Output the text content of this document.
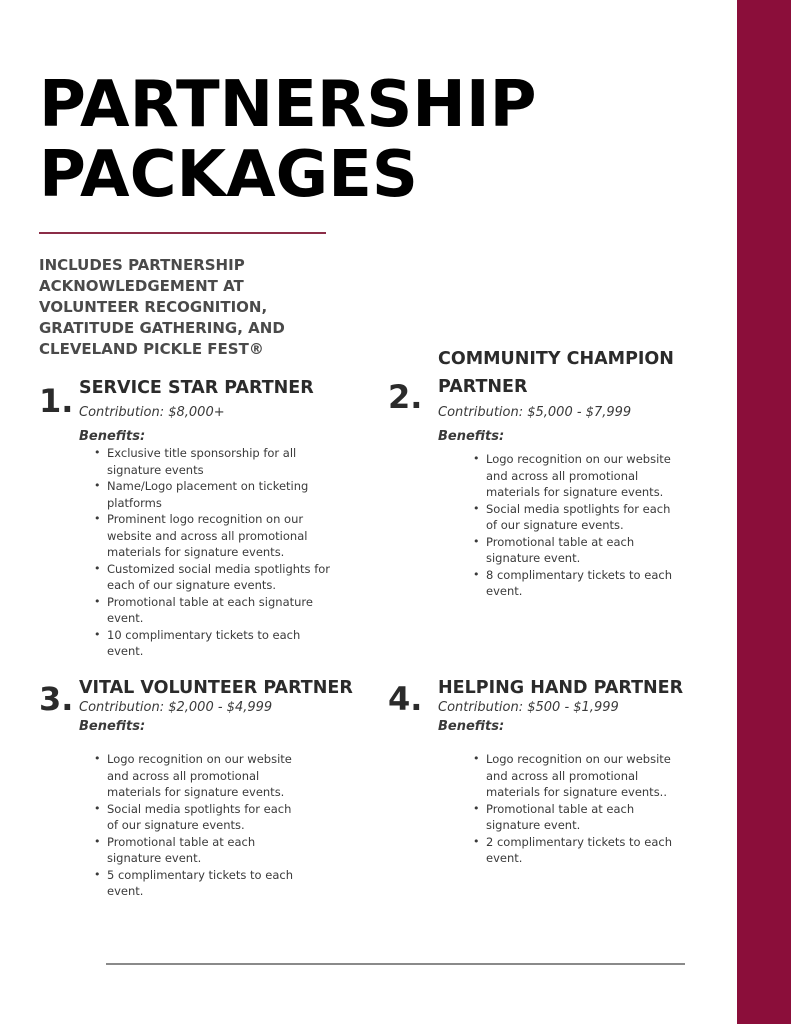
PARTNERSHIP
PACKAGES

INCLUDES PARTNERSHIP ACKNOWLEDGEMENT AT VOLUNTEER RECOGNITION, GRATITUDE GATHERING, AND CLEVELAND PICKLE FEST®

1. SERVICE STAR PARTNER

Contribution: $8,000+

Benefits:

• Exclusive title sponsorship for all signature events
• Name/Logo placement on ticketing platforms
• Prominent logo recognition on our website and across all promotional materials for signature events.
• Customized social media spotlights for each of our signature events.
• Promotional table at each signature event.
• 10 complimentary tickets to each event.
2.
COMMUNITY CHAMPION PARTNER

Contribution: $5,000 - $7,999

Benefits:

• Logo recognition on our website and across all promotional materials for signature events.
• Social media spotlights for each of our signature events.
• Promotional table at each signature event.
• 8 complimentary tickets to each event.
3. VITAL VOLUNTEER PARTNER

Contribution: $2,000 - $4,999

Benefits:

• Logo recognition on our website and across all promotional materials for signature events.
• Social media spotlights for each of our signature events.
• Promotional table at each signature event.
• 5 complimentary tickets to each event.
4. HELPING HAND PARTNER

Contribution: $500 - $1,999

Benefits:

• Logo recognition on our website and across all promotional materials for signature events..
• Promotional table at each signature event.
• 2 complimentary tickets to each event.
